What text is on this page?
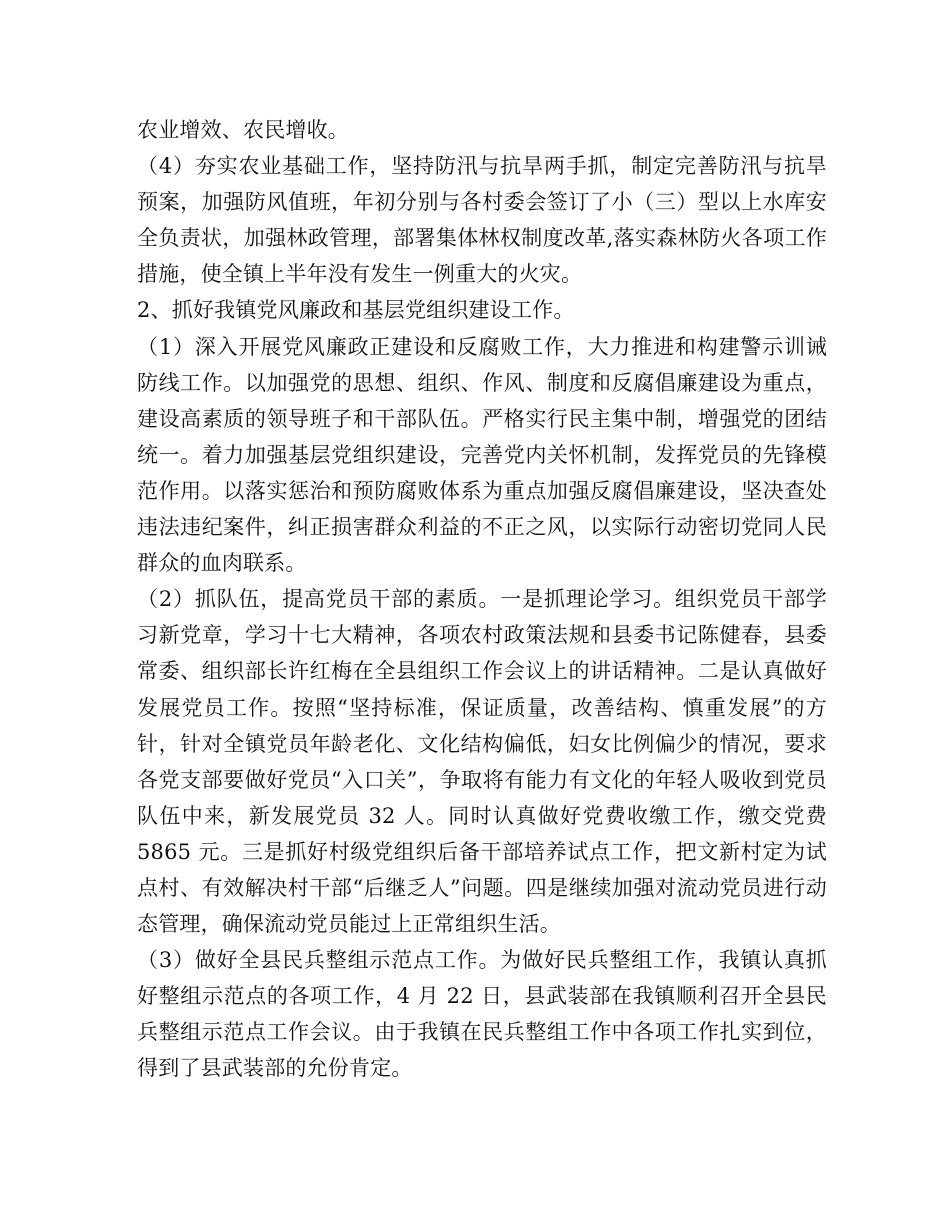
农业增效、农民增收。

（4）夯实农业基础工作，坚持防汛与抗旱两手抓，制定完善防汛与抗旱预案，加强防风值班，年初分别与各村委会签订了小（三）型以上水库安全负责状，加强林政管理，部署集体林权制度改革,落实森林防火各项工作措施，使全镇上半年没有发生一例重大的火灾。

2、抓好我镇党风廉政和基层党组织建设工作。

（1）深入开展党风廉政正建设和反腐败工作，大力推进和构建警示训诫防线工作。以加强党的思想、组织、作风、制度和反腐倡廉建设为重点，建设高素质的领导班子和干部队伍。严格实行民主集中制，增强党的团结统一。着力加强基层党组织建设，完善党内关怀机制，发挥党员的先锋模范作用。以落实惩治和预防腐败体系为重点加强反腐倡廉建设，坚决查处违法违纪案件，纠正损害群众利益的不正之风，以实际行动密切党同人民群众的血肉联系。

（2）抓队伍，提高党员干部的素质。一是抓理论学习。组织党员干部学习新党章，学习十七大精神，各项农村政策法规和县委书记陈健春，县委常委、组织部长许红梅在全县组织工作会议上的讲话精神。二是认真做好发展党员工作。按照“坚持标准，保证质量，改善结构、慎重发展”的方针，针对全镇党员年龄老化、文化结构偏低，妇女比例偏少的情况，要求各党支部要做好党员“入口关”，争取将有能力有文化的年轻人吸收到党员队伍中来，新发展党员 32 人。同时认真做好党费收缴工作，缴交党费 5865 元。三是抓好村级党组织后备干部培养试点工作，把文新村定为试点村、有效解决村干部“后继乏人”问题。四是继续加强对流动党员进行动态管理，确保流动党员能过上正常组织生活。

（3）做好全县民兵整组示范点工作。为做好民兵整组工作，我镇认真抓好整组示范点的各项工作，4 月 22 日，县武装部在我镇顺利召开全县民兵整组示范点工作会议。由于我镇在民兵整组工作中各项工作扎实到位，得到了县武装部的允份肯定。
